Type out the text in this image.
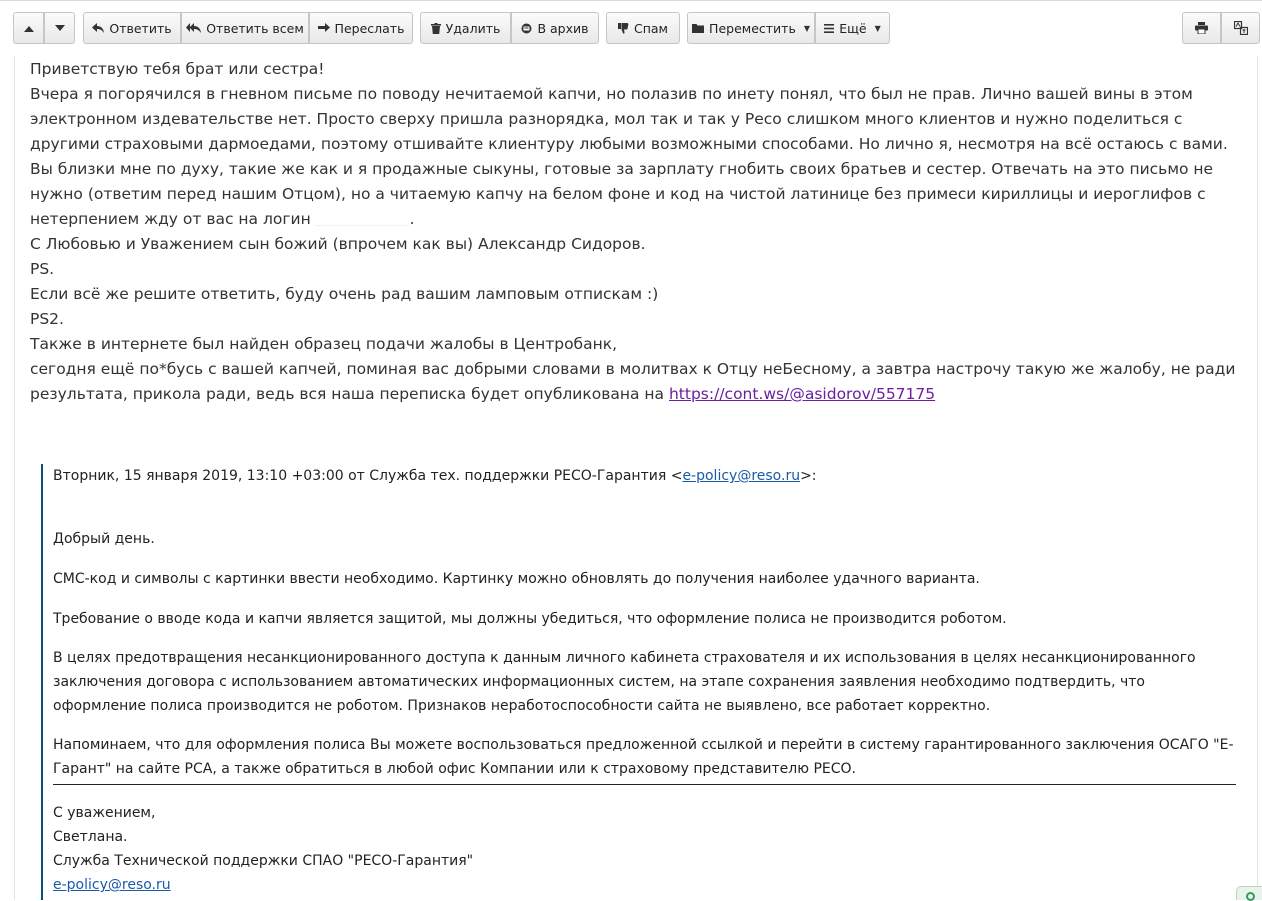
Ответить	Ответить всем Переслать	Удалить	В архив	Спам	Переместить ▼ Ещё ▼

Приветствую тебя брат или сестра!

Вчера я погорячился в гневном письме по поводу нечитаемой капчи, но полазив по инету понял, что был не прав. Лично вашей вины в этом электронном издевательстве нет. Просто сверху пришла разнорядка, мол так и так у Ресо слишком много клиентов и нужно поделиться с другими страховыми дармоедами, поэтому отшивайте клиентуру любыми возможными способами. Но лично я, несмотря на всё остаюсь с вами. Вы близки мне по духу, такие же как и я продажные сыкуны, готовые за зарплату гнобить своих братьев и сестер. Отвечать на это письмо не нужно (ответим перед нашим Отцом), но а читаемую капчу на белом фоне и код на чистой латинице без примеси кириллицы и иероглифов с нетерпением жду от вас на логин	.

С Любовью и Уважением сын божий (впрочем как вы) Александр Сидоров.

PS.

Если всё же решите ответить, буду очень рад вашим ламповым отпискам :)

PS2.

Также в интернете был найден образец подачи жалобы в Центробанк,

сегодня ещё по*бусь с вашей капчей, поминая вас добрыми словами в молитвах к Отцу неБесному, а завтра настрочу такую же жалобу, не ради результата, прикола ради, ведь вся наша переписка будет опубликована на https://cont.ws/@asidorov/557175

Вторник, 15 января 2019, 13:10 +03:00 от Служба тех. поддержки РЕСО-Гарантия <e-policy@reso.ru>:

Добрый день.

СМС-код и символы с картинки ввести необходимо. Картинку можно обновлять до получения наиболее удачного варианта.

Требование о вводе кода и капчи является защитой, мы должны убедиться, что оформление полиса не производится роботом.

В целях предотвращения несанкционированного доступа к данным личного кабинета страхователя и их использования в целях несанкционированного заключения договора с использованием автоматических информационных систем, на этапе сохранения заявления необходимо подтвердить, что оформление полиса производится не роботом. Признаков неработоспособности сайта не выявлено, все работает корректно.

Напоминаем, что для оформления полиса Вы можете воспользоваться предложенной ссылкой и перейти в систему гарантированного заключения ОСАГО "Е-Гарант" на сайте РСА, а также обратиться в любой офис Компании или к страховому представителю РЕСО.

С уважением,
Светлана.
Служба Технической поддержки СПАО "РЕСО-Гарантия"
e-policy@reso.ru
